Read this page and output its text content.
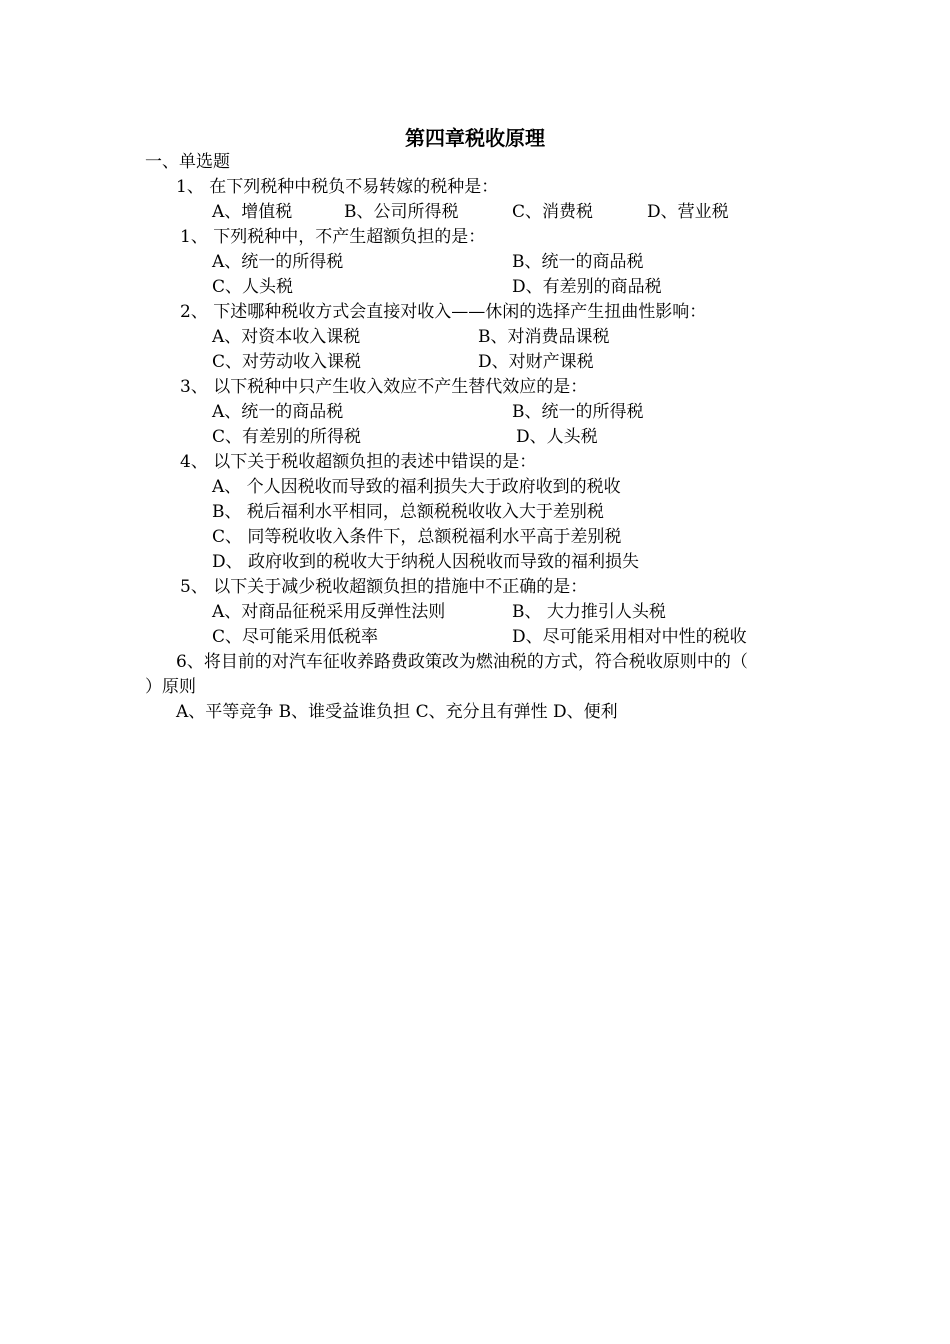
第四章税收原理
一、单选题
1、 在下列税种中税负不易转嫁的税种是：
A、增值税	B、公司所得税	C、消费税	D、营业税
1、 下列税种中，不产生超额负担的是：
A、统一的所得税	B、统一的商品税
C、人头税	D、有差别的商品税
2、 下述哪种税收方式会直接对收入——休闲的选择产生扭曲性影响：
A、对资本收入课税	B、对消费品课税
C、对劳动收入课税	D、对财产课税
3、 以下税种中只产生收入效应不产生替代效应的是：
A、统一的商品税	B、统一的所得税
C、有差别的所得税	D、人头税
4、 以下关于税收超额负担的表述中错误的是：
A、 个人因税收而导致的福利损失大于政府收到的税收
B、 税后福利水平相同，总额税税收收入大于差别税
C、 同等税收收入条件下，总额税福利水平高于差别税
D、 政府收到的税收大于纳税人因税收而导致的福利损失
5、 以下关于减少税收超额负担的措施中不正确的是：
A、对商品征税采用反弹性法则	B、 大力推引人头税
C、尽可能采用低税率	D、尽可能采用相对中性的税收
6、将目前的对汽车征收养路费政策改为燃油税的方式，符合税收原则中的（
）原则
A、平等竞争 B、谁受益谁负担 C、充分且有弹性 D、便利
